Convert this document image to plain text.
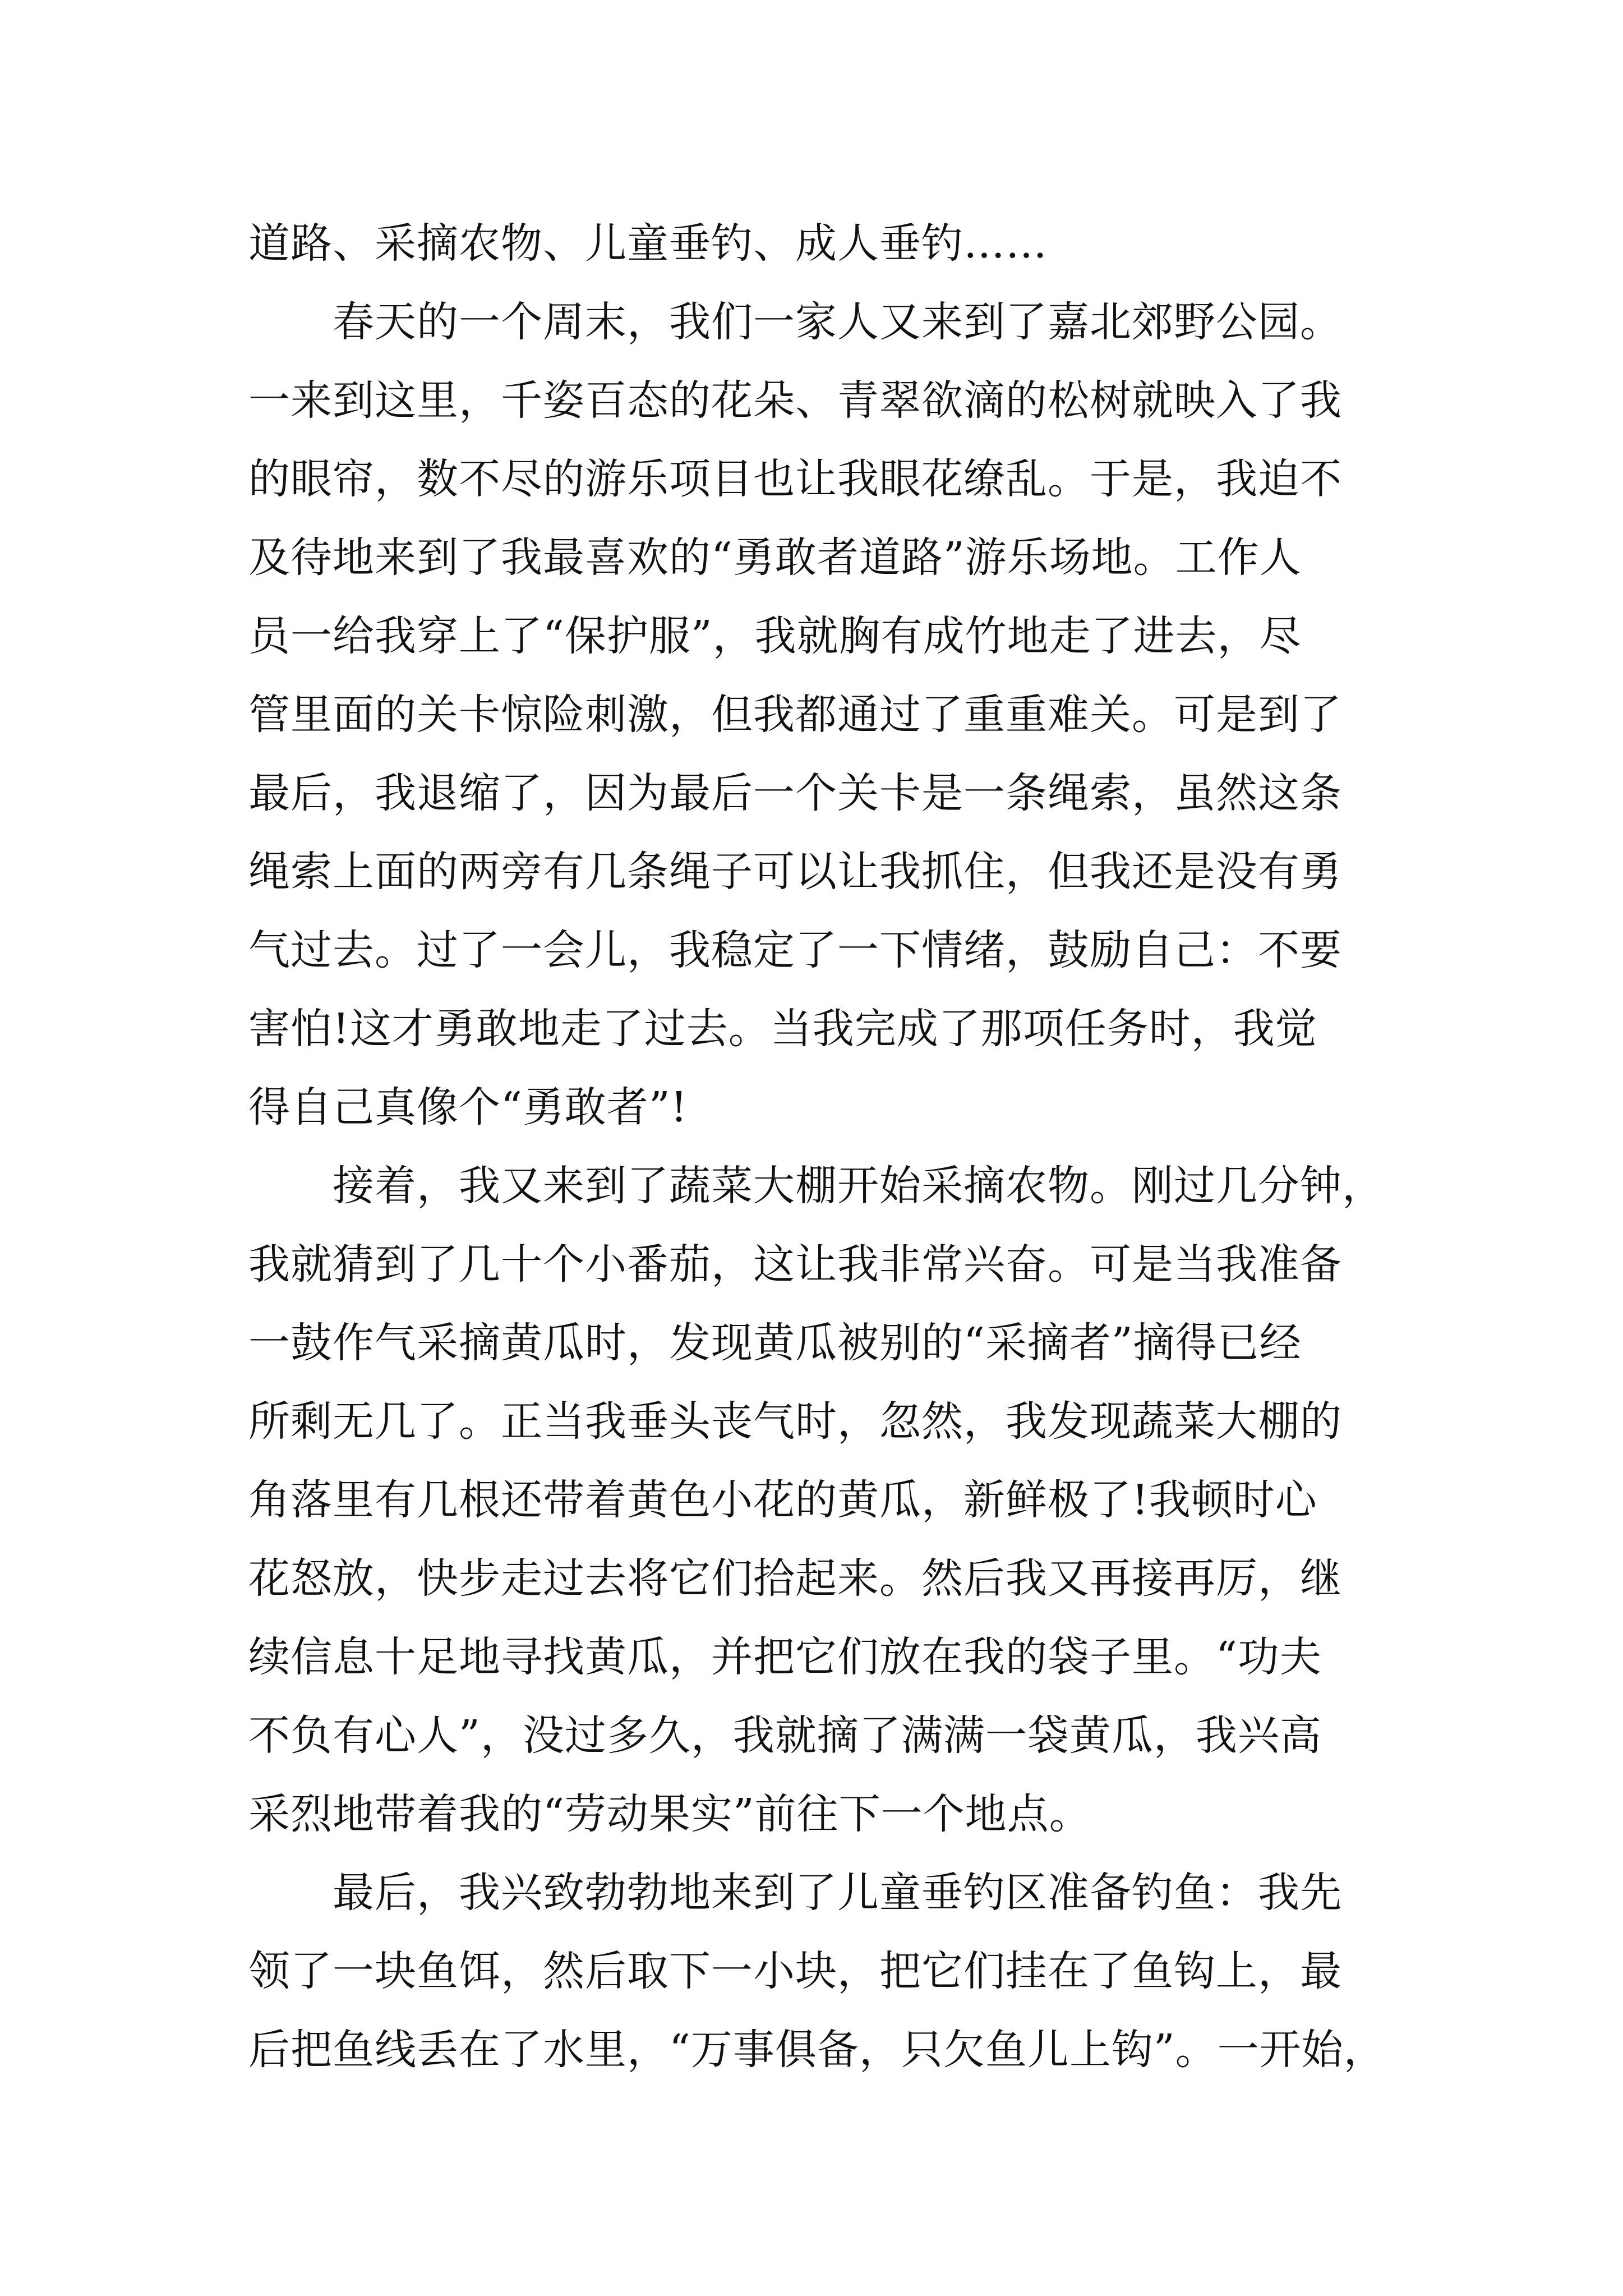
道路、采摘农物、儿童垂钓、成人垂钓……
春天的一个周末，我们一家人又来到了嘉北郊野公园。
一来到这里，千姿百态的花朵、青翠欲滴的松树就映入了我
的眼帘，数不尽的游乐项目也让我眼花缭乱。于是，我迫不
及待地来到了我最喜欢的“勇敢者道路”游乐场地。工作人
员一给我穿上了“保护服”，我就胸有成竹地走了进去，尽
管里面的关卡惊险刺激，但我都通过了重重难关。可是到了
最后，我退缩了，因为最后一个关卡是一条绳索，虽然这条
绳索上面的两旁有几条绳子可以让我抓住，但我还是没有勇
气过去。过了一会儿，我稳定了一下情绪，鼓励自己：不要
害怕!这才勇敢地走了过去。当我完成了那项任务时，我觉
得自己真像个“勇敢者”!
接着，我又来到了蔬菜大棚开始采摘农物。刚过几分钟，
我就猜到了几十个小番茄，这让我非常兴奋。可是当我准备
一鼓作气采摘黄瓜时，发现黄瓜被别的“采摘者”摘得已经
所剩无几了。正当我垂头丧气时，忽然，我发现蔬菜大棚的
角落里有几根还带着黄色小花的黄瓜，新鲜极了!我顿时心
花怒放，快步走过去将它们拾起来。然后我又再接再厉，继
续信息十足地寻找黄瓜，并把它们放在我的袋子里。“功夫
不负有心人”，没过多久，我就摘了满满一袋黄瓜，我兴高
采烈地带着我的“劳动果实”前往下一个地点。
最后，我兴致勃勃地来到了儿童垂钓区准备钓鱼：我先
领了一块鱼饵，然后取下一小块，把它们挂在了鱼钩上，最
后把鱼线丢在了水里，“万事俱备，只欠鱼儿上钩”。一开始，
